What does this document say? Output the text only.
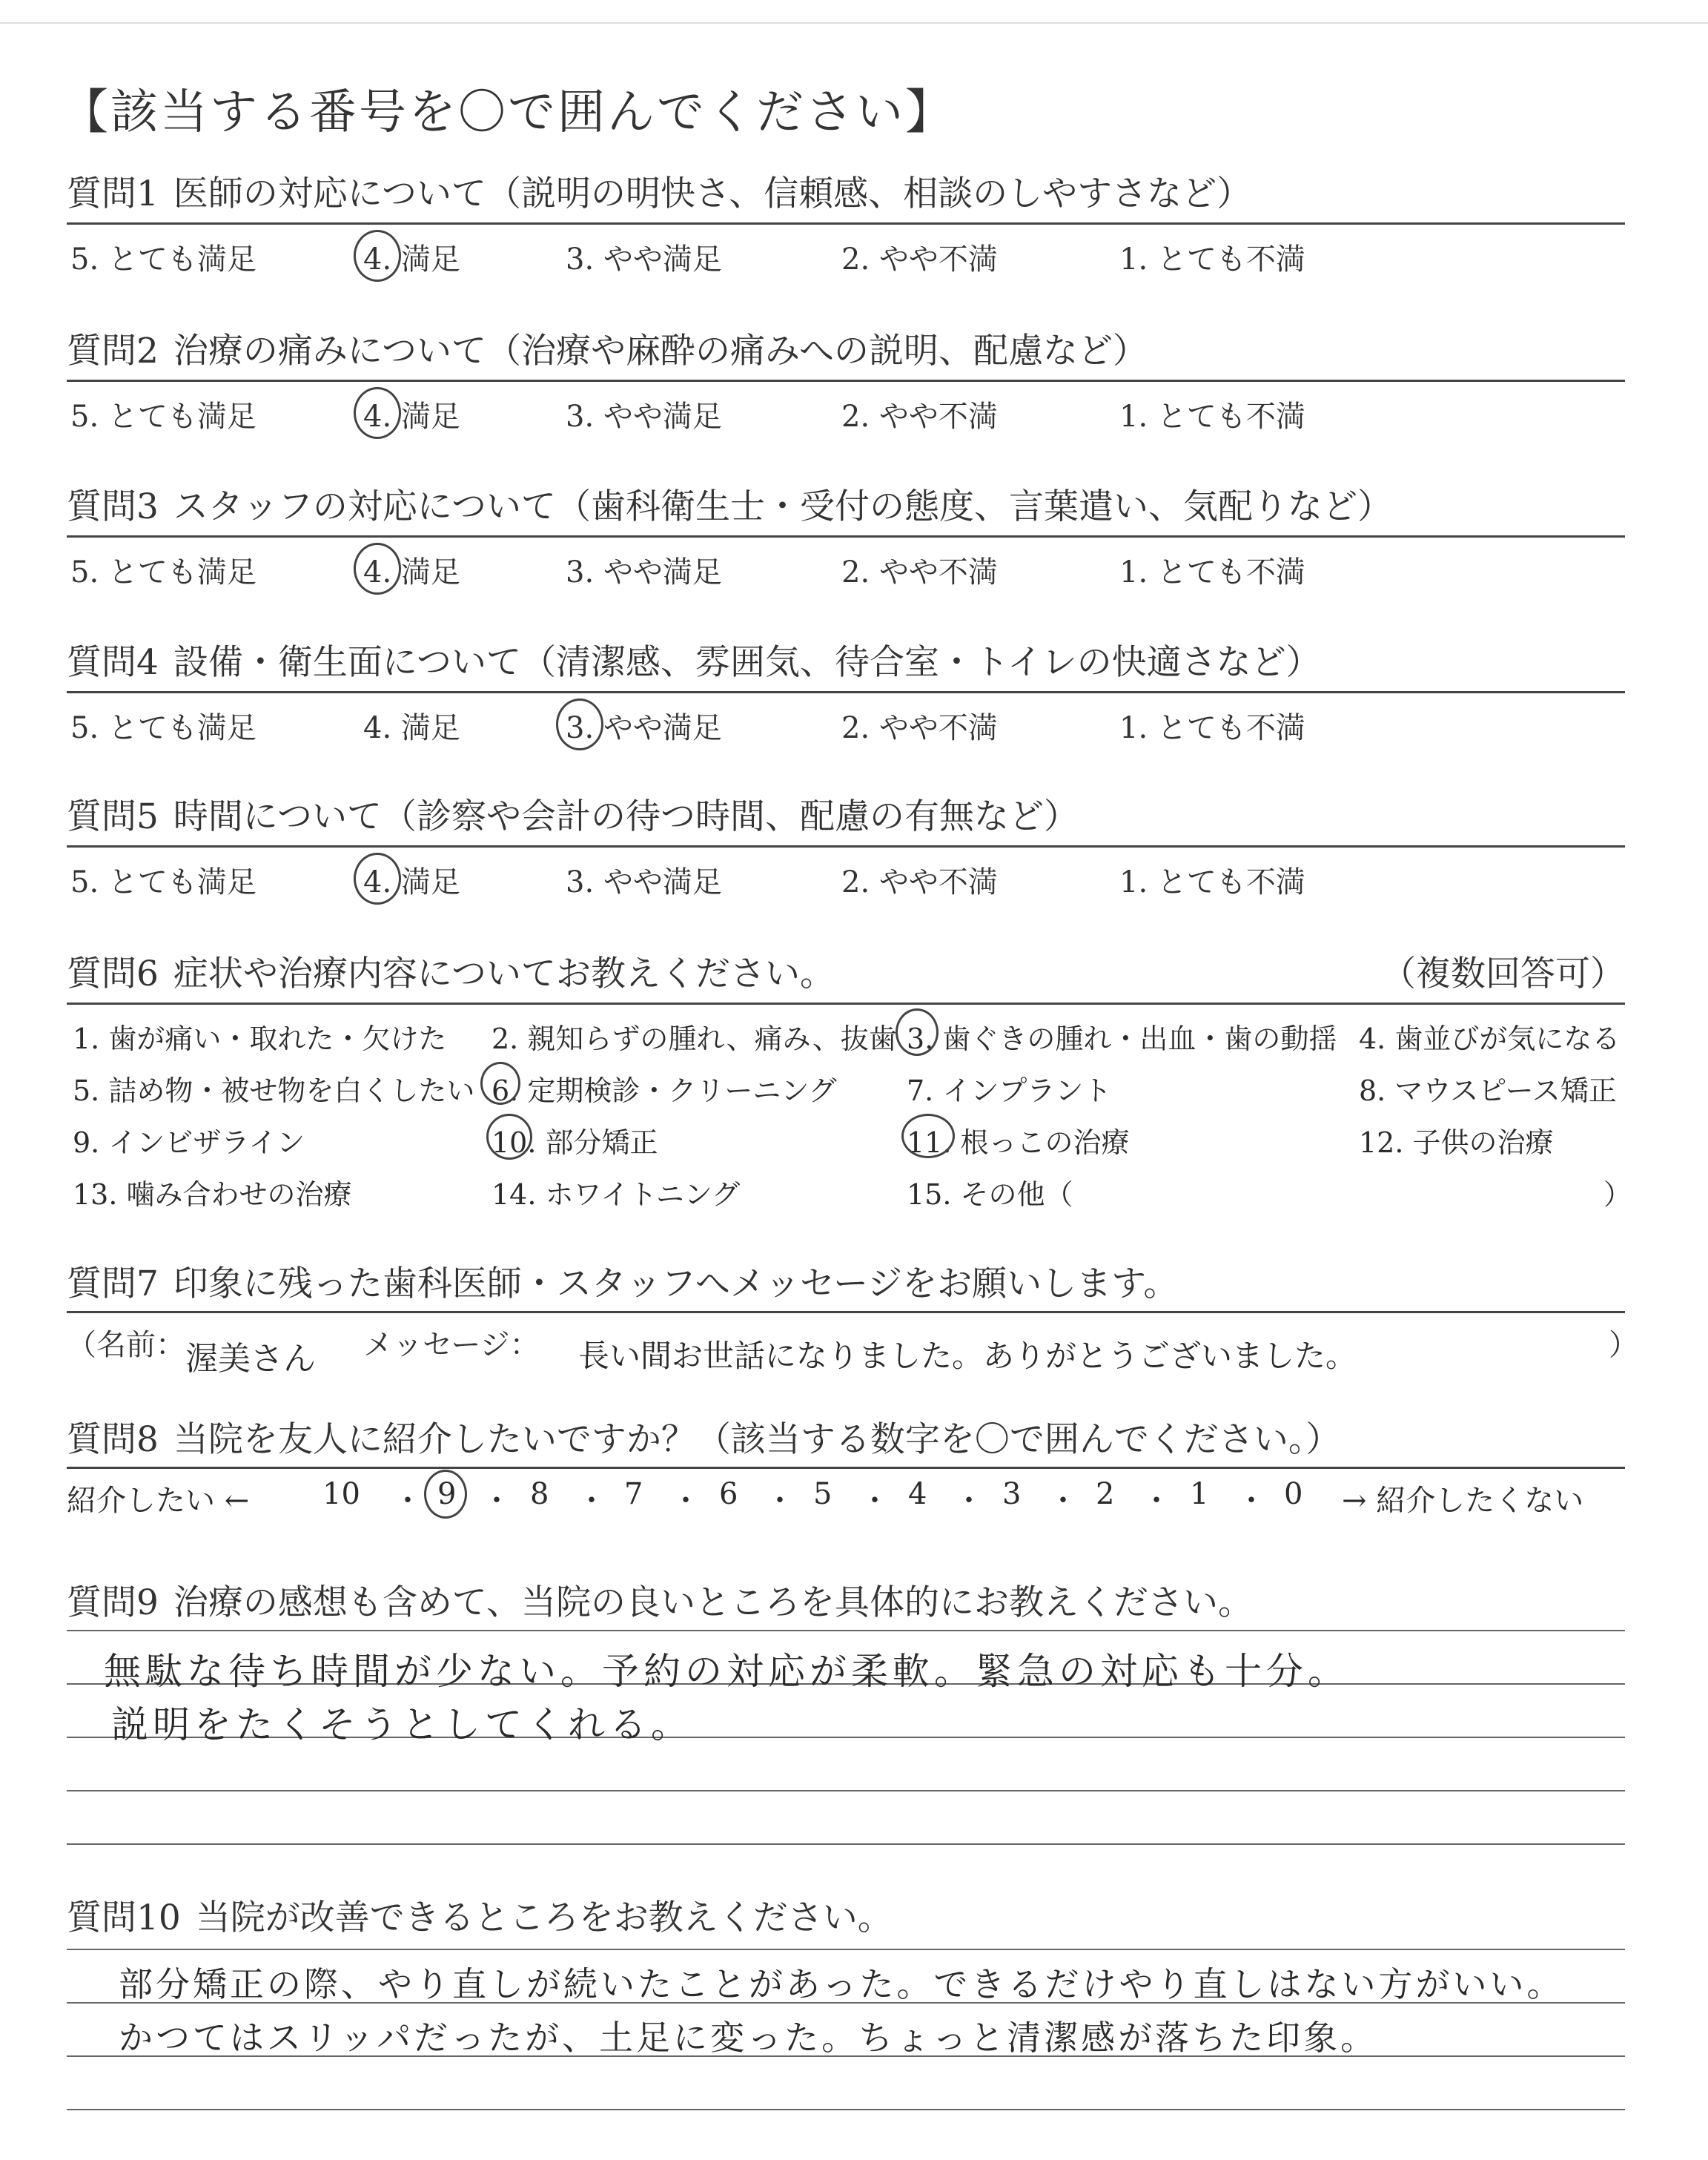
【該当する番号を〇で囲んでください】
質問1 医師の対応について（説明の明快さ、信頼感、相談のしやすさなど）
5. とても満足	4. 満足	3. やや満足	2. やや不満	1. とても不満
質問2 治療の痛みについて（治療や麻酔の痛みへの説明、配慮など）
5. とても満足	4. 満足	3. やや満足	2. やや不満	1. とても不満
質問3 スタッフの対応について（歯科衛生士・受付の態度、言葉遣い、気配りなど）
5. とても満足	4. 満足	3. やや満足	2. やや不満	1. とても不満
質問4 設備・衛生面について（清潔感、雰囲気、待合室・トイレの快適さなど）
5. とても満足	4. 満足	3. やや満足	2. やや不満	1. とても不満
質問5 時間について（診察や会計の待つ時間、配慮の有無など）
5. とても満足	4. 満足	3. やや満足	2. やや不満	1. とても不満
質問6 症状や治療内容についてお教えください。	（複数回答可）
1. 歯が痛い・取れた・欠けた 2. 親知らずの腫れ、痛み、抜歯 3. 歯ぐきの腫れ・出血・歯の動揺 4. 歯並びが気になる
5. 詰め物・被せ物を白くしたい 6. 定期検診・クリーニング 7. インプラント	8. マウスピース矯正
9. インビザライン	10. 部分矯正	11. 根っこの治療	12. 子供の治療
13. 噛み合わせの治療	14. ホワイトニング	15. その他（	）
質問7 印象に残った歯科医師・スタッフへメッセージをお願いします。
（名前： 渥美さん メッセージ： 長い間お世話になりました。ありがとうございました。	）
質問8 当院を友人に紹介したいですか？（該当する数字を〇で囲んでください。）
紹介したい ← 10 ・ 9 ・ 8 ・ 7 ・ 6 ・ 5 ・ 4 ・ 3 ・ 2 ・ 1 ・ 0 → 紹介したくない
質問9 治療の感想も含めて、当院の良いところを具体的にお教えください。
無駄な待ち時間が少ない。予約の対応が柔軟。緊急の対応も十分。
説明をたくそうとしてくれる。
質問10 当院が改善できるところをお教えください。
部分矯正の際、やり直しが続いたことがあった。できるだけやり直しはない方がいい。
かつてはスリッパだったが、土足に変った。ちょっと清潔感が落ちた印象。
